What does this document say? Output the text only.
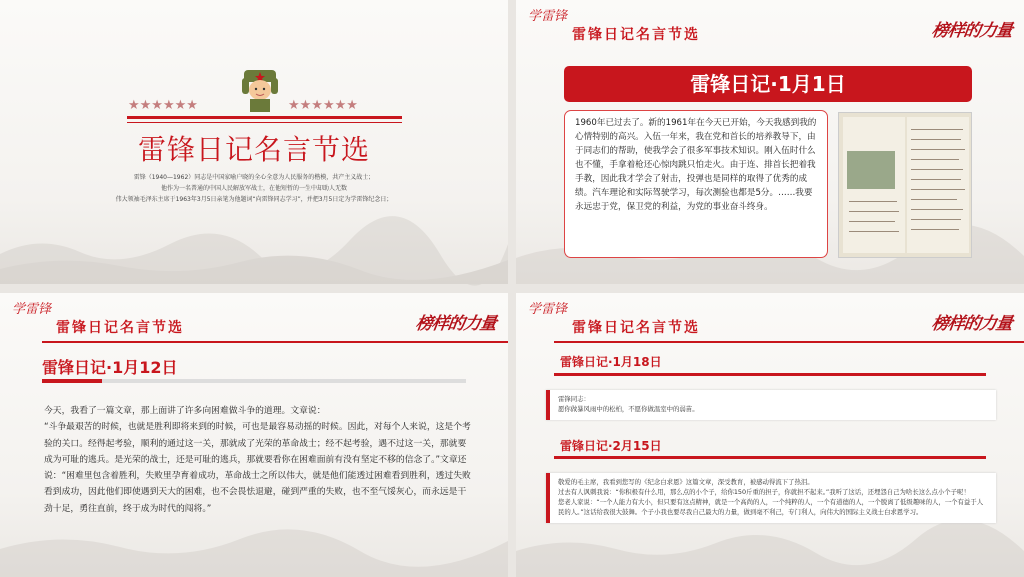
★★★★★★	★★★★★★
雷锋日记名言节选
雷锋（1940—1962）同志是中国家喻户晓的全心全意为人民服务的楷模，共产主义战士；
他作为一名普通的中国人民解放军战士，在他短暂的一生中却助人无数
伟大领袖毛泽东主席于1963年3月5日亲笔为他题词“向雷锋同志学习”，并把3月5日定为学雷锋纪念日；
学雷锋
雷锋日记名言节选	榜样的力量
雷锋日记·1月1日
1960年已过去了。新的1961年在今天已开始，今天我感到我的心情特别的高兴。入伍一年来，我在党和首长的培养教导下，由于同志们的帮助，使我学会了很多军事技术知识。刚入伍时什么也不懂，手拿着枪还心惊肉跳只怕走火。由于连、排首长把着我手教，因此我才学会了射击，投弹也是同样的取得了优秀的成绩。汽车理论和实际驾驶学习，每次测验也都是5分。……我要永远忠于党，保卫党的利益，为党的事业奋斗终身。
学雷锋
雷锋日记名言节选	榜样的力量
雷锋日记·1月12日

今天，我看了一篇文章，那上面讲了许多向困难做斗争的道理。文章说：

“斗争最艰苦的时候，也就是胜利即将来到的时候，可也是最容易动摇的时候。因此，对每个人来说，这是个考验的关口。经得起考验，顺利的通过这一关，那就成了光荣的革命战士；经不起考验，遇不过这一关，那就要成为可耻的逃兵。是光荣的战士，还是可耻的逃兵，那就要看你在困难面前有没有坚定不移的信念了。”文章还说：“困难里包含着胜利，失败里孕育着成功，革命战士之所以伟大，就是他们能透过困难看到胜利，透过失败看到成功，因此他们即使遇到天大的困难，也不会畏怯退避，碰到严重的失败，也不至气馁灰心，而永远是干劲十足，勇往直前，终于成为时代的闯将。”

学雷锋
雷锋日记名言节选	榜样的力量
雷锋日记·1月18日
雷锋同志：
愿你做暴风雨中的松柏，不愿你做温室中的弱苗。
雷锋日记·2月15日
敬爱的毛主席，我看到您写的《纪念白求恩》这篇文章，深受教育，被感动得流下了热泪。
过去有人讽刺我说：“你积极有什么用，那么点的小个子，给你150斤重的担子，你就担不起来。”我听了这话，还埋怨自己为啥长这么点小个子呢！
您老人家说：“一个人能力有大小，但只要有这点精神，就是一个高尚的人，一个纯粹的人，一个有道德的人，一个脱离了低级趣味的人，一个有益于人民的人。”这话给我很大鼓舞。个子小我也要尽我自己最大的力量，做到毫不利己，专门利人，向伟大的国际主义战士白求恩学习。
